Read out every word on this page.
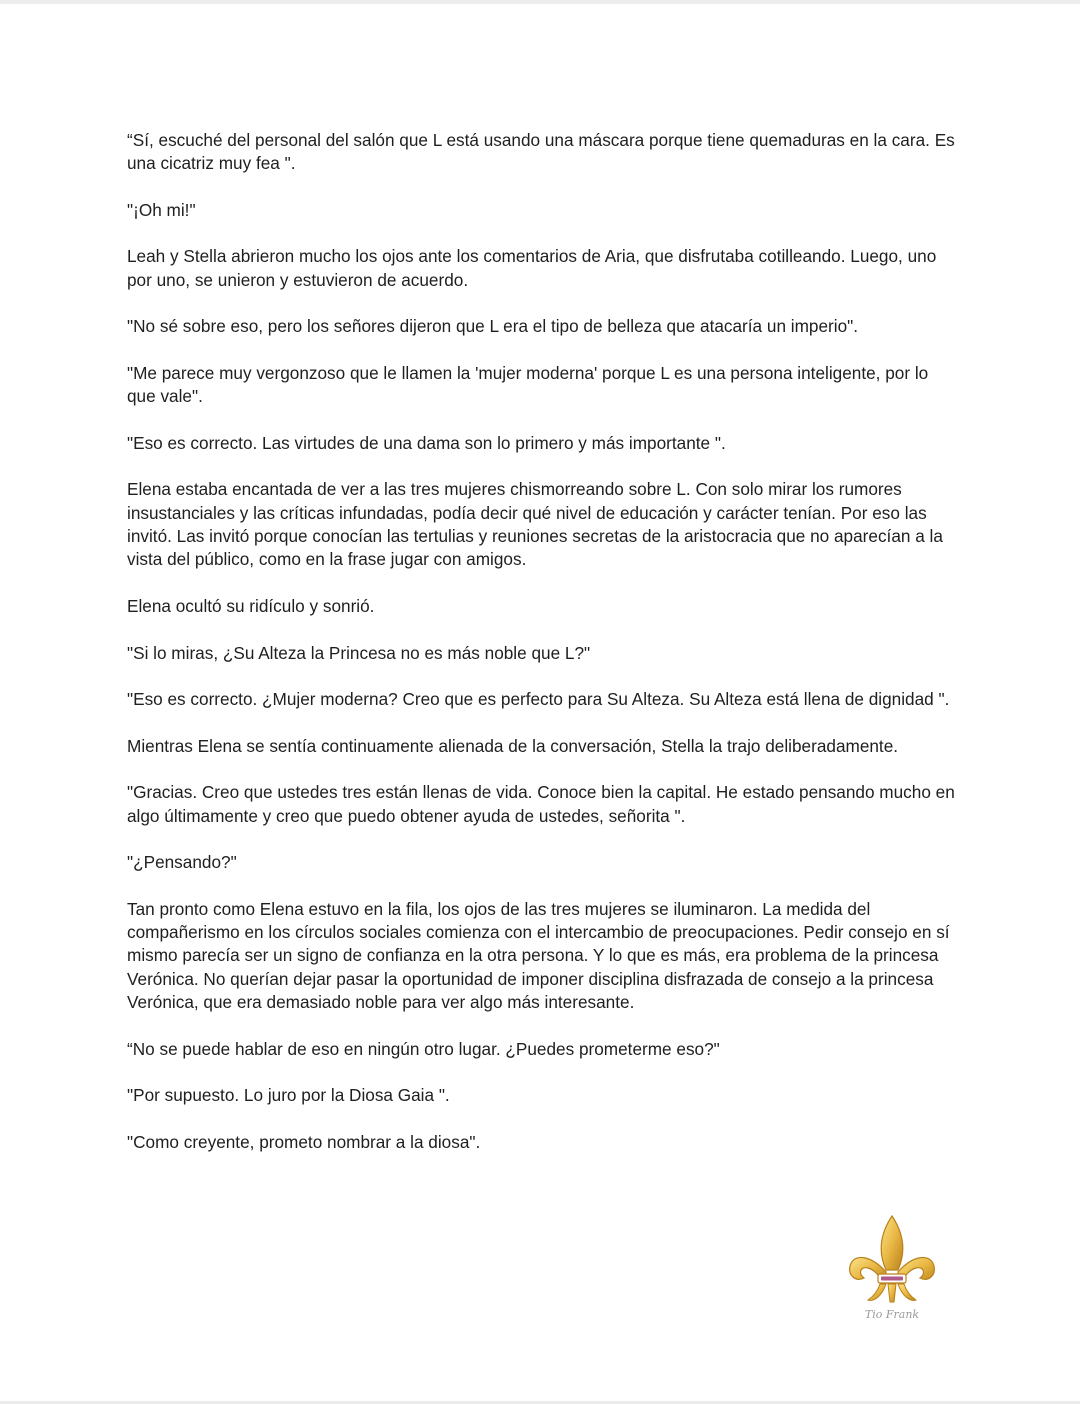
“Sí, escuché del personal del salón que L está usando una máscara porque tiene quemaduras en la cara. Es una cicatriz muy fea ".

"¡Oh mi!"

Leah y Stella abrieron mucho los ojos ante los comentarios de Aria, que disfrutaba cotilleando. Luego, uno por uno, se unieron y estuvieron de acuerdo.

"No sé sobre eso, pero los señores dijeron que L era el tipo de belleza que atacaría un imperio".

"Me parece muy vergonzoso que le llamen la 'mujer moderna' porque L es una persona inteligente, por lo que vale".

"Eso es correcto. Las virtudes de una dama son lo primero y más importante ".

Elena estaba encantada de ver a las tres mujeres chismorreando sobre L. Con solo mirar los rumores insustanciales y las críticas infundadas, podía decir qué nivel de educación y carácter tenían. Por eso las invitó. Las invitó porque conocían las tertulias y reuniones secretas de la aristocracia que no aparecían a la vista del público, como en la frase jugar con amigos.

Elena ocultó su ridículo y sonrió.

"Si lo miras, ¿Su Alteza la Princesa no es más noble que L?"

"Eso es correcto. ¿Mujer moderna? Creo que es perfecto para Su Alteza. Su Alteza está llena de dignidad ".

Mientras Elena se sentía continuamente alienada de la conversación, Stella la trajo deliberadamente.

"Gracias. Creo que ustedes tres están llenas de vida. Conoce bien la capital. He estado pensando mucho en algo últimamente y creo que puedo obtener ayuda de ustedes, señorita ".

"¿Pensando?"

Tan pronto como Elena estuvo en la fila, los ojos de las tres mujeres se iluminaron. La medida del compañerismo en los círculos sociales comienza con el intercambio de preocupaciones. Pedir consejo en sí mismo parecía ser un signo de confianza en la otra persona. Y lo que es más, era problema de la princesa Verónica. No querían dejar pasar la oportunidad de imponer disciplina disfrazada de consejo a la princesa Verónica, que era demasiado noble para ver algo más interesante.

“No se puede hablar de eso en ningún otro lugar. ¿Puedes prometerme eso?"

"Por supuesto. Lo juro por la Diosa Gaia ".

"Como creyente, prometo nombrar a la diosa".

Tio Frank
